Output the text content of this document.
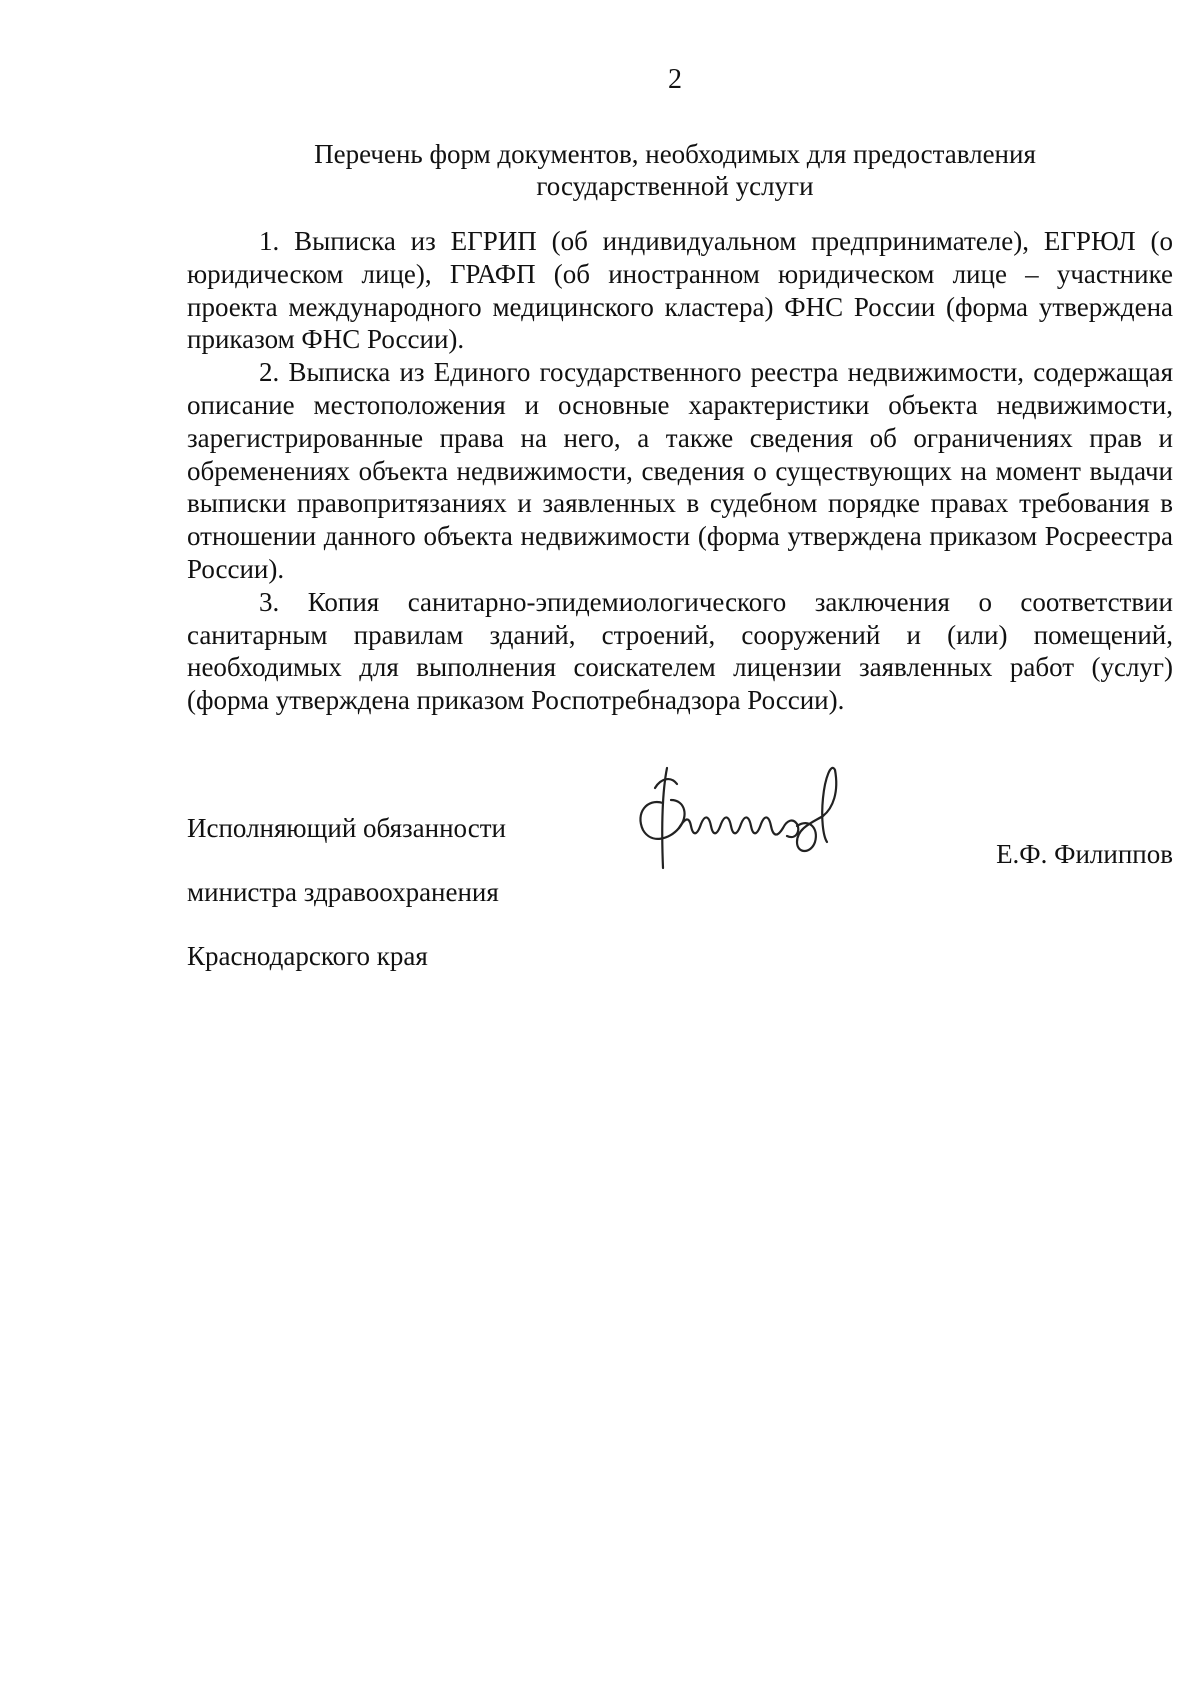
2
Перечень форм документов, необходимых для предоставления
государственной услуги

1. Выписка из ЕГРИП (об индивидуальном предпринимателе), ЕГРЮЛ (о юридическом лице), ГРАФП (об иностранном юридическом лице – участнике проекта международного медицинского кластера) ФНС России (форма утверждена приказом ФНС России).

2. Выписка из Единого государственного реестра недвижимости, содержащая описание местоположения и основные характеристики объекта недвижимости, зарегистрированные права на него, а также сведения об ограничениях прав и обременениях объекта недвижимости, сведения о существующих на момент выдачи выписки правопритязаниях и заявленных в судебном порядке правах требования в отношении данного объекта недвижимости (форма утверждена приказом Росреестра России).

3. Копия санитарно-эпидемиологического заключения о соответствии санитарным правилам зданий, строений, сооружений и (или) помещений, необходимых для выполнения соискателем лицензии заявленных работ (услуг) (форма утверждена приказом Роспотребнадзора России).

Исполняющий обязанности

министра здравоохранения

Краснодарского края

Е.Ф. Филиппов
